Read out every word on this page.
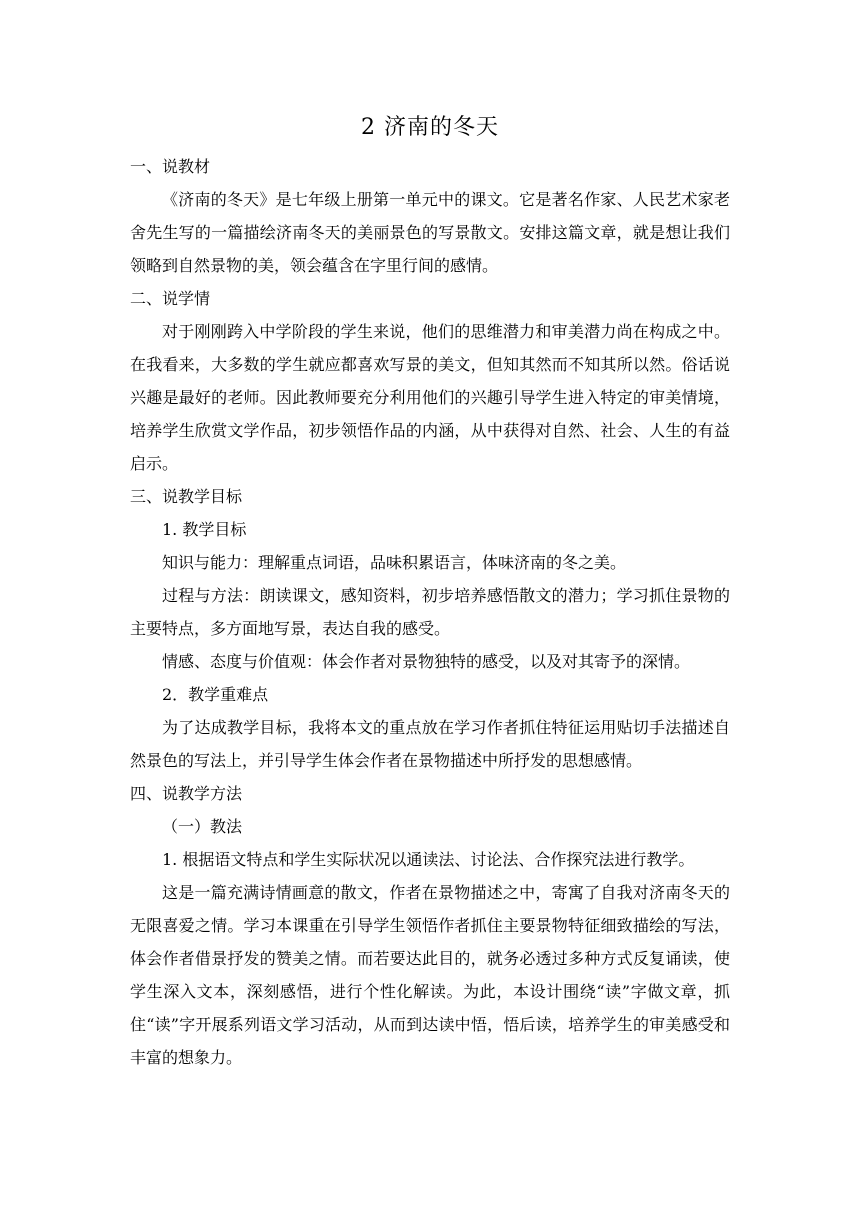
2 济南的冬天

一、说教材

《济南的冬天》是七年级上册第一单元中的课文。它是著名作家、人民艺术家老舍先生写的一篇描绘济南冬天的美丽景色的写景散文。安排这篇文章，就是想让我们领略到自然景物的美，领会蕴含在字里行间的感情。

二、说学情

对于刚刚跨入中学阶段的学生来说，他们的思维潜力和审美潜力尚在构成之中。在我看来，大多数的学生就应都喜欢写景的美文，但知其然而不知其所以然。俗话说兴趣是最好的老师。因此教师要充分利用他们的兴趣引导学生进入特定的审美情境，培养学生欣赏文学作品，初步领悟作品的内涵，从中获得对自然、社会、人生的有益启示。

三、说教学目标

1. 教学目标

知识与能力：理解重点词语，品味积累语言，体味济南的冬之美。

过程与方法：朗读课文，感知资料，初步培养感悟散文的潜力；学习抓住景物的主要特点，多方面地写景，表达自我的感受。

情感、态度与价值观：体会作者对景物独特的感受，以及对其寄予的深情。

2．教学重难点

为了达成教学目标，我将本文的重点放在学习作者抓住特征运用贴切手法描述自然景色的写法上，并引导学生体会作者在景物描述中所抒发的思想感情。

四、说教学方法

（一）教法

1. 根据语文特点和学生实际状况以通读法、讨论法、合作探究法进行教学。

这是一篇充满诗情画意的散文，作者在景物描述之中，寄寓了自我对济南冬天的无限喜爱之情。学习本课重在引导学生领悟作者抓住主要景物特征细致描绘的写法，体会作者借景抒发的赞美之情。而若要达此目的，就务必透过多种方式反复诵读，使学生深入文本，深刻感悟，进行个性化解读。为此，本设计围绕“读”字做文章，抓住“读”字开展系列语文学习活动，从而到达读中悟，悟后读，培养学生的审美感受和丰富的想象力。
